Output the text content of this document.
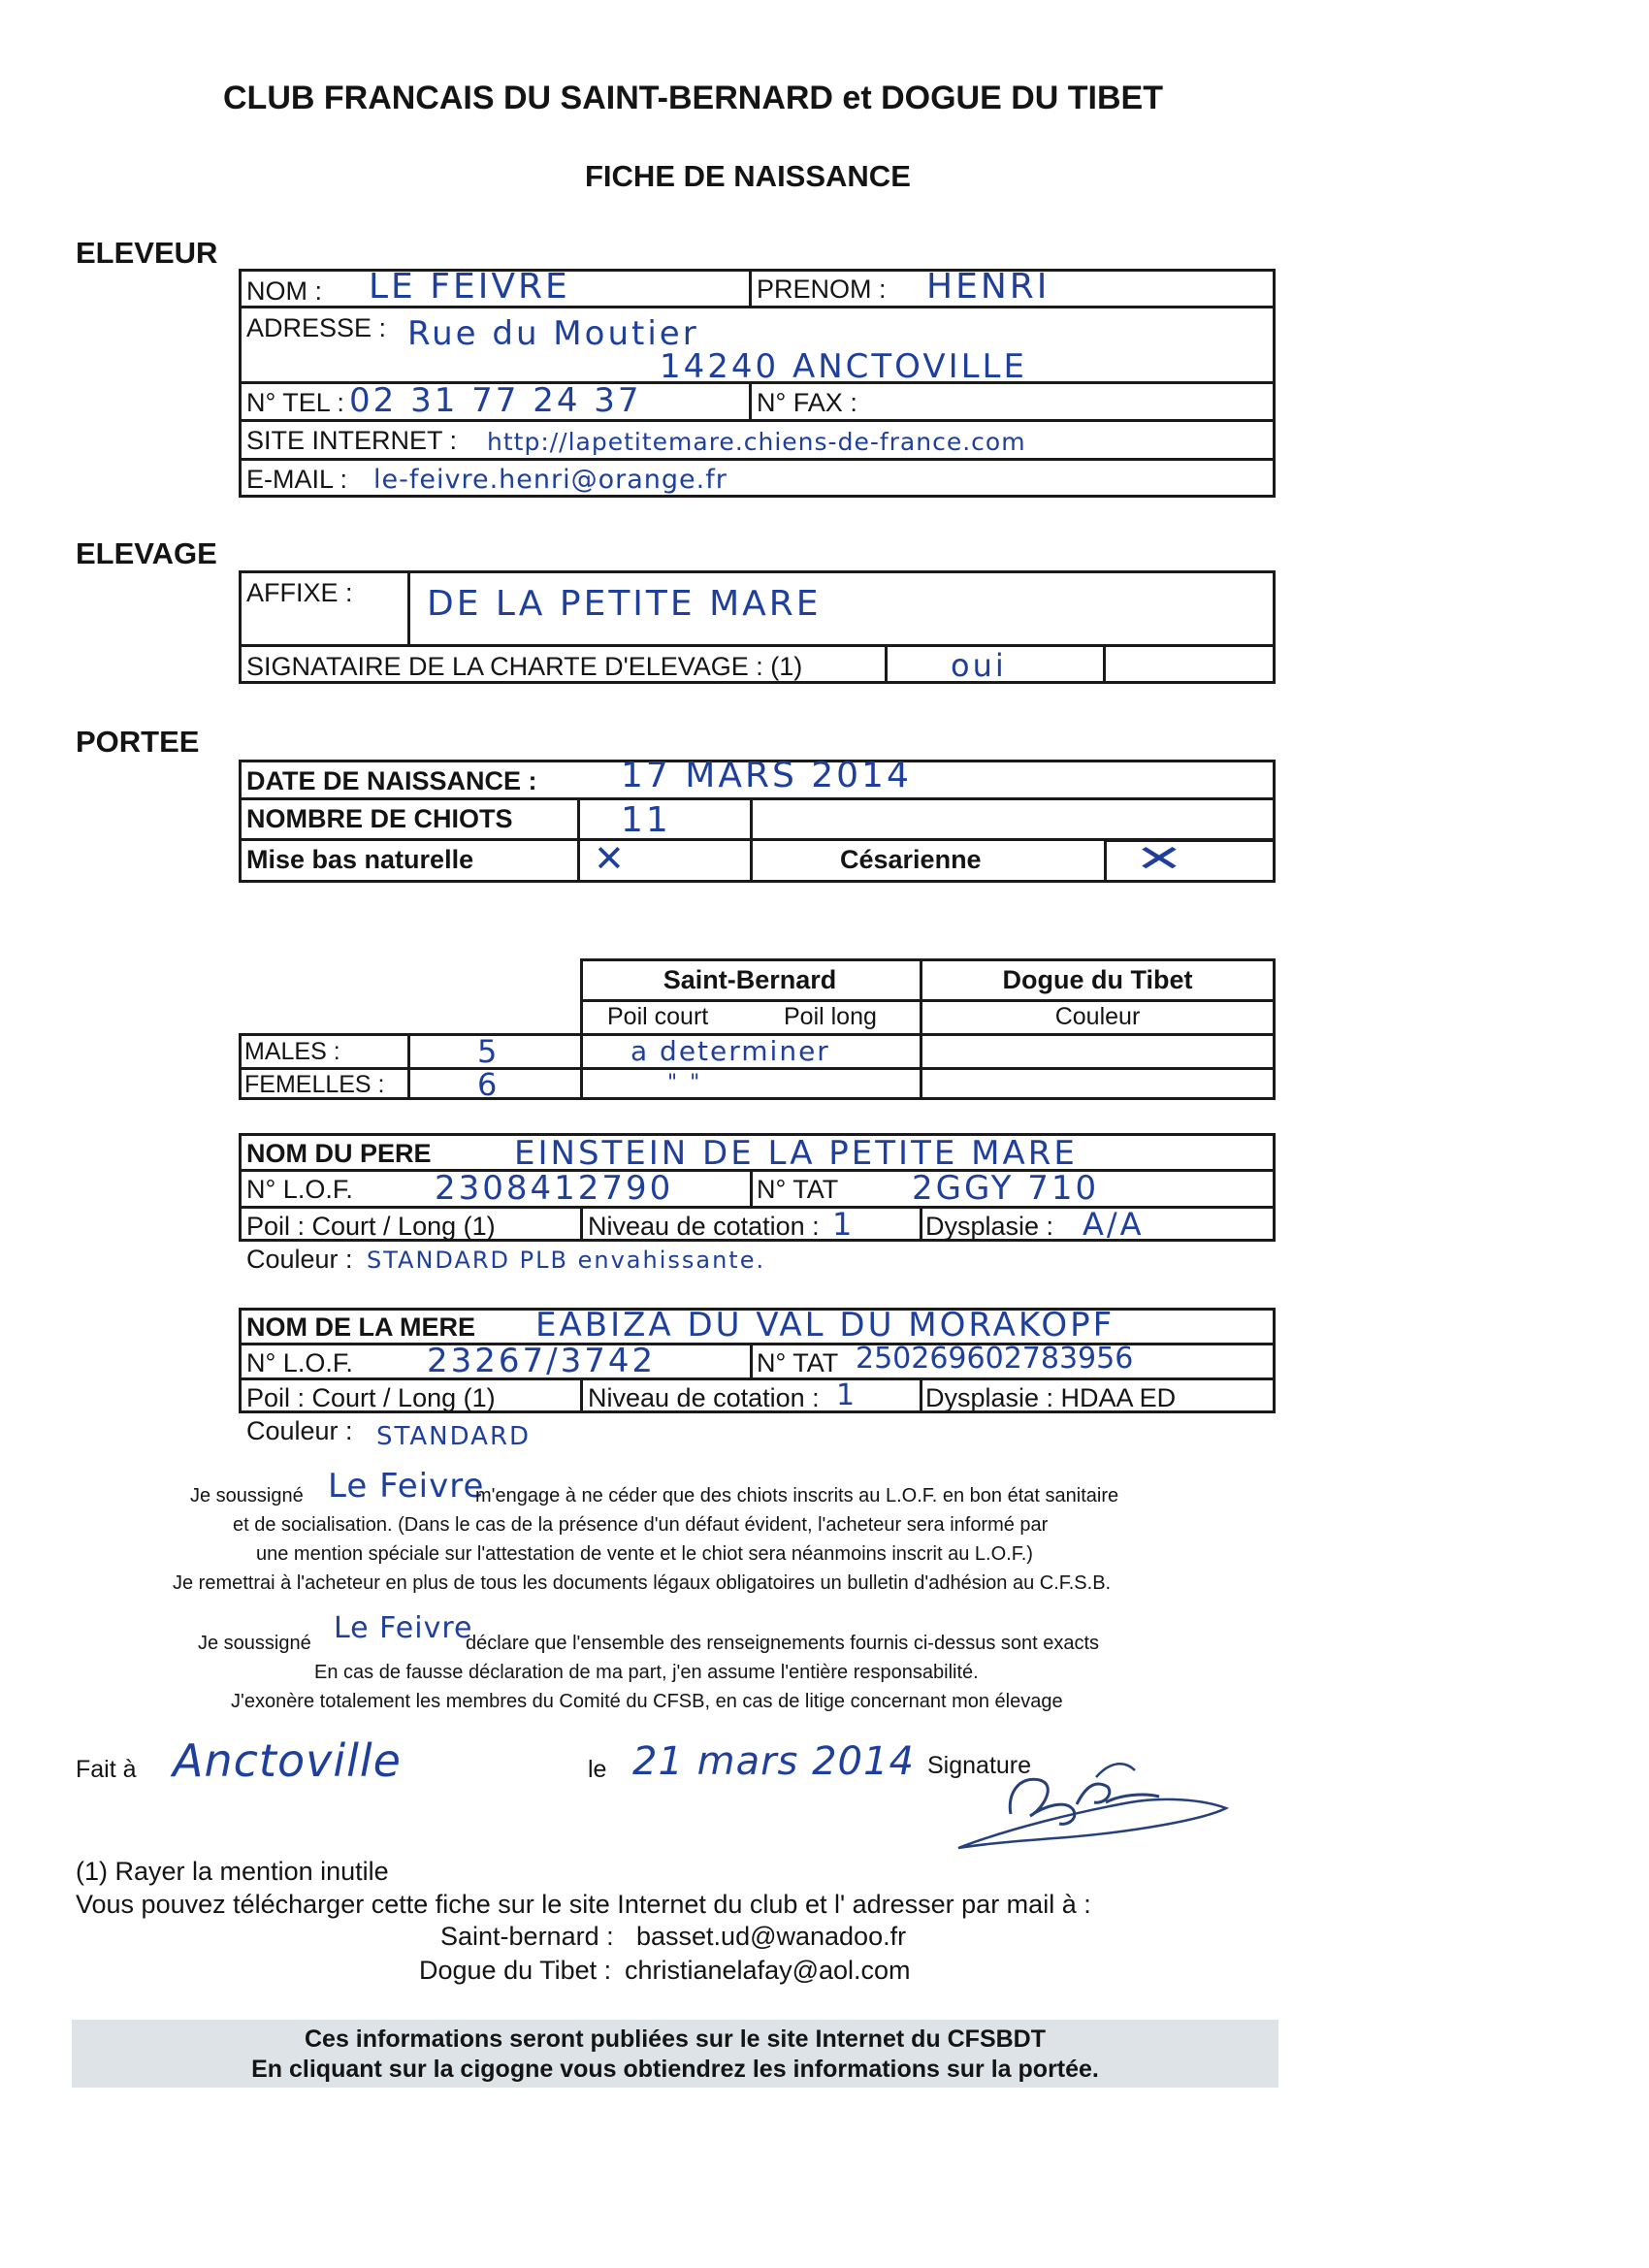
CLUB FRANCAIS DU SAINT-BERNARD et DOGUE DU TIBET
FICHE DE NAISSANCE
ELEVEUR
NOM : LE FEIVRE	PRENOM : HENRI
ADRESSE : Rue du Moutier
14240 ANCTOVILLE
N° TEL : 02 31 77 24 37	N° FAX :
SITE INTERNET : http://lapetitemare.chiens-de-france.com
E-MAIL : le-feivre.henri@orange.fr
ELEVAGE
AFFIXE : DE LA PETITE MARE
SIGNATAIRE DE LA CHARTE D'ELEVAGE : (1)	oui
PORTEE
DATE DE NAISSANCE : 17 MARS 2014
NOMBRE DE CHIOTS	11
Mise bas naturelle	✕	Césarienne	✕
Saint-Bernard	Dogue du Tibet
Poil court	Poil long	Couleur
MALES :	5	a determiner
FEMELLES :	6	" "
NOM DU PERE	EINSTEIN DE LA PETITE MARE
N° L.O.F. 2308412790	N° TAT 2GGY 710
Poil : Court / Long (1)	Niveau de cotation : 1	Dysplasie : A/A
Couleur : STANDARD PLB envahissante.
NOM DE LA MERE EABIZA DU VAL DU MORAKOPF
N° L.O.F. 23267/3742	N° TAT 250269602783956
Poil : Court / Long (1)	Niveau de cotation : 1	Dysplasie : HDAA ED
Couleur : STANDARD
Je soussigné Le Feivre
m'engage à ne céder que des chiots inscrits au L.O.F. en bon état sanitaire
et de socialisation. (Dans le cas de la présence d'un défaut évident, l'acheteur sera informé par
une mention spéciale sur l'attestation de vente et le chiot sera néanmoins inscrit au L.O.F.)
Je remettrai à l'acheteur en plus de tous les documents légaux obligatoires un bulletin d'adhésion au C.F.S.B.
Je soussigné Le Feivre
déclare que l'ensemble des renseignements fournis ci-dessus sont exacts
En cas de fausse déclaration de ma part, j'en assume l'entière responsabilité.
J'exonère totalement les membres du Comité du CFSB, en cas de litige concernant mon élevage
Fait à Anctoville	le 21 mars 2014 Signature
(1) Rayer la mention inutile
Vous pouvez télécharger cette fiche sur le site Internet du club et l' adresser par mail à :
Saint-bernard : basset.ud@wanadoo.fr
Dogue du Tibet : christianelafay@aol.com
Ces informations seront publiées sur le site Internet du CFSBDT
En cliquant sur la cigogne vous obtiendrez les informations sur la portée.
